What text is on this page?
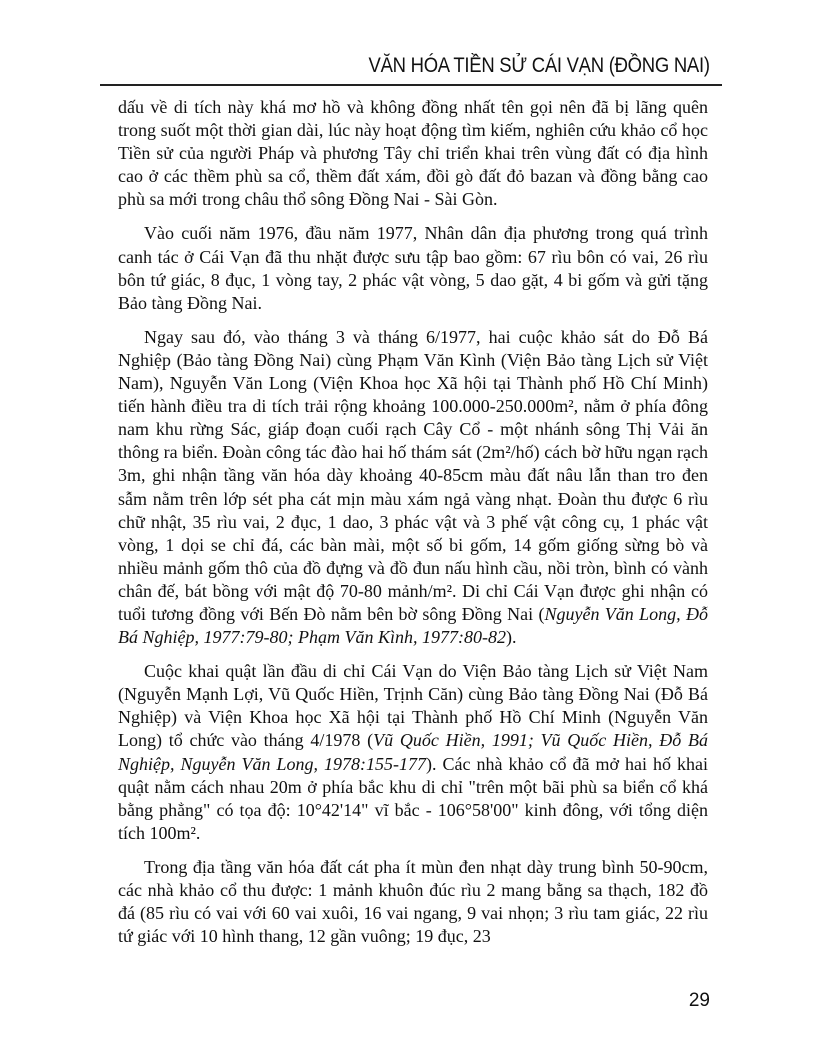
VĂN HÓA TIỀN SỬ CÁI VẠN (ĐỒNG NAI)

dấu về di tích này khá mơ hồ và không đồng nhất tên gọi nên đã bị lãng quên trong suốt một thời gian dài, lúc này hoạt động tìm kiếm, nghiên cứu khảo cổ học Tiền sử của người Pháp và phương Tây chỉ triển khai trên vùng đất có địa hình cao ở các thềm phù sa cổ, thềm đất xám, đồi gò đất đỏ bazan và đồng bằng cao phù sa mới trong châu thổ sông Đồng Nai - Sài Gòn.

Vào cuối năm 1976, đầu năm 1977, Nhân dân địa phương trong quá trình canh tác ở Cái Vạn đã thu nhặt được sưu tập bao gồm: 67 rìu bôn có vai, 26 rìu bôn tứ giác, 8 đục, 1 vòng tay, 2 phác vật vòng, 5 dao gặt, 4 bi gốm và gửi tặng Bảo tàng Đồng Nai.

Ngay sau đó, vào tháng 3 và tháng 6/1977, hai cuộc khảo sát do Đỗ Bá Nghiệp (Bảo tàng Đồng Nai) cùng Phạm Văn Kình (Viện Bảo tàng Lịch sử Việt Nam), Nguyễn Văn Long (Viện Khoa học Xã hội tại Thành phố Hồ Chí Minh) tiến hành điều tra di tích trải rộng khoảng 100.000-250.000m², nằm ở phía đông nam khu rừng Sác, giáp đoạn cuối rạch Cây Cổ - một nhánh sông Thị Vải ăn thông ra biển. Đoàn công tác đào hai hố thám sát (2m²/hố) cách bờ hữu ngạn rạch 3m, ghi nhận tầng văn hóa dày khoảng 40-85cm màu đất nâu lẫn than tro đen sẫm nằm trên lớp sét pha cát mịn màu xám ngả vàng nhạt. Đoàn thu được 6 rìu chữ nhật, 35 rìu vai, 2 đục, 1 dao, 3 phác vật và 3 phế vật công cụ, 1 phác vật vòng, 1 dọi se chỉ đá, các bàn mài, một số bi gốm, 14 gốm giống sừng bò và nhiều mảnh gốm thô của đồ đựng và đồ đun nấu hình cầu, nồi tròn, bình có vành chân đế, bát bồng với mật độ 70-80 mảnh/m². Di chỉ Cái Vạn được ghi nhận có tuổi tương đồng với Bến Đò nằm bên bờ sông Đồng Nai (Nguyễn Văn Long, Đỗ Bá Nghiệp, 1977:79-80; Phạm Văn Kình, 1977:80-82).

Cuộc khai quật lần đầu di chỉ Cái Vạn do Viện Bảo tàng Lịch sử Việt Nam (Nguyễn Mạnh Lợi, Vũ Quốc Hiền, Trịnh Căn) cùng Bảo tàng Đồng Nai (Đỗ Bá Nghiệp) và Viện Khoa học Xã hội tại Thành phố Hồ Chí Minh (Nguyễn Văn Long) tổ chức vào tháng 4/1978 (Vũ Quốc Hiền, 1991; Vũ Quốc Hiền, Đỗ Bá Nghiệp, Nguyễn Văn Long, 1978:155-177). Các nhà khảo cổ đã mở hai hố khai quật nằm cách nhau 20m ở phía bắc khu di chỉ "trên một bãi phù sa biển cổ khá bằng phẳng" có tọa độ: 10°42'14" vĩ bắc - 106°58'00" kinh đông, với tổng diện tích 100m².

Trong địa tầng văn hóa đất cát pha ít mùn đen nhạt dày trung bình 50-90cm, các nhà khảo cổ thu được: 1 mảnh khuôn đúc rìu 2 mang bằng sa thạch, 182 đồ đá (85 rìu có vai với 60 vai xuôi, 16 vai ngang, 9 vai nhọn; 3 rìu tam giác, 22 rìu tứ giác với 10 hình thang, 12 gần vuông; 19 đục, 23

29
